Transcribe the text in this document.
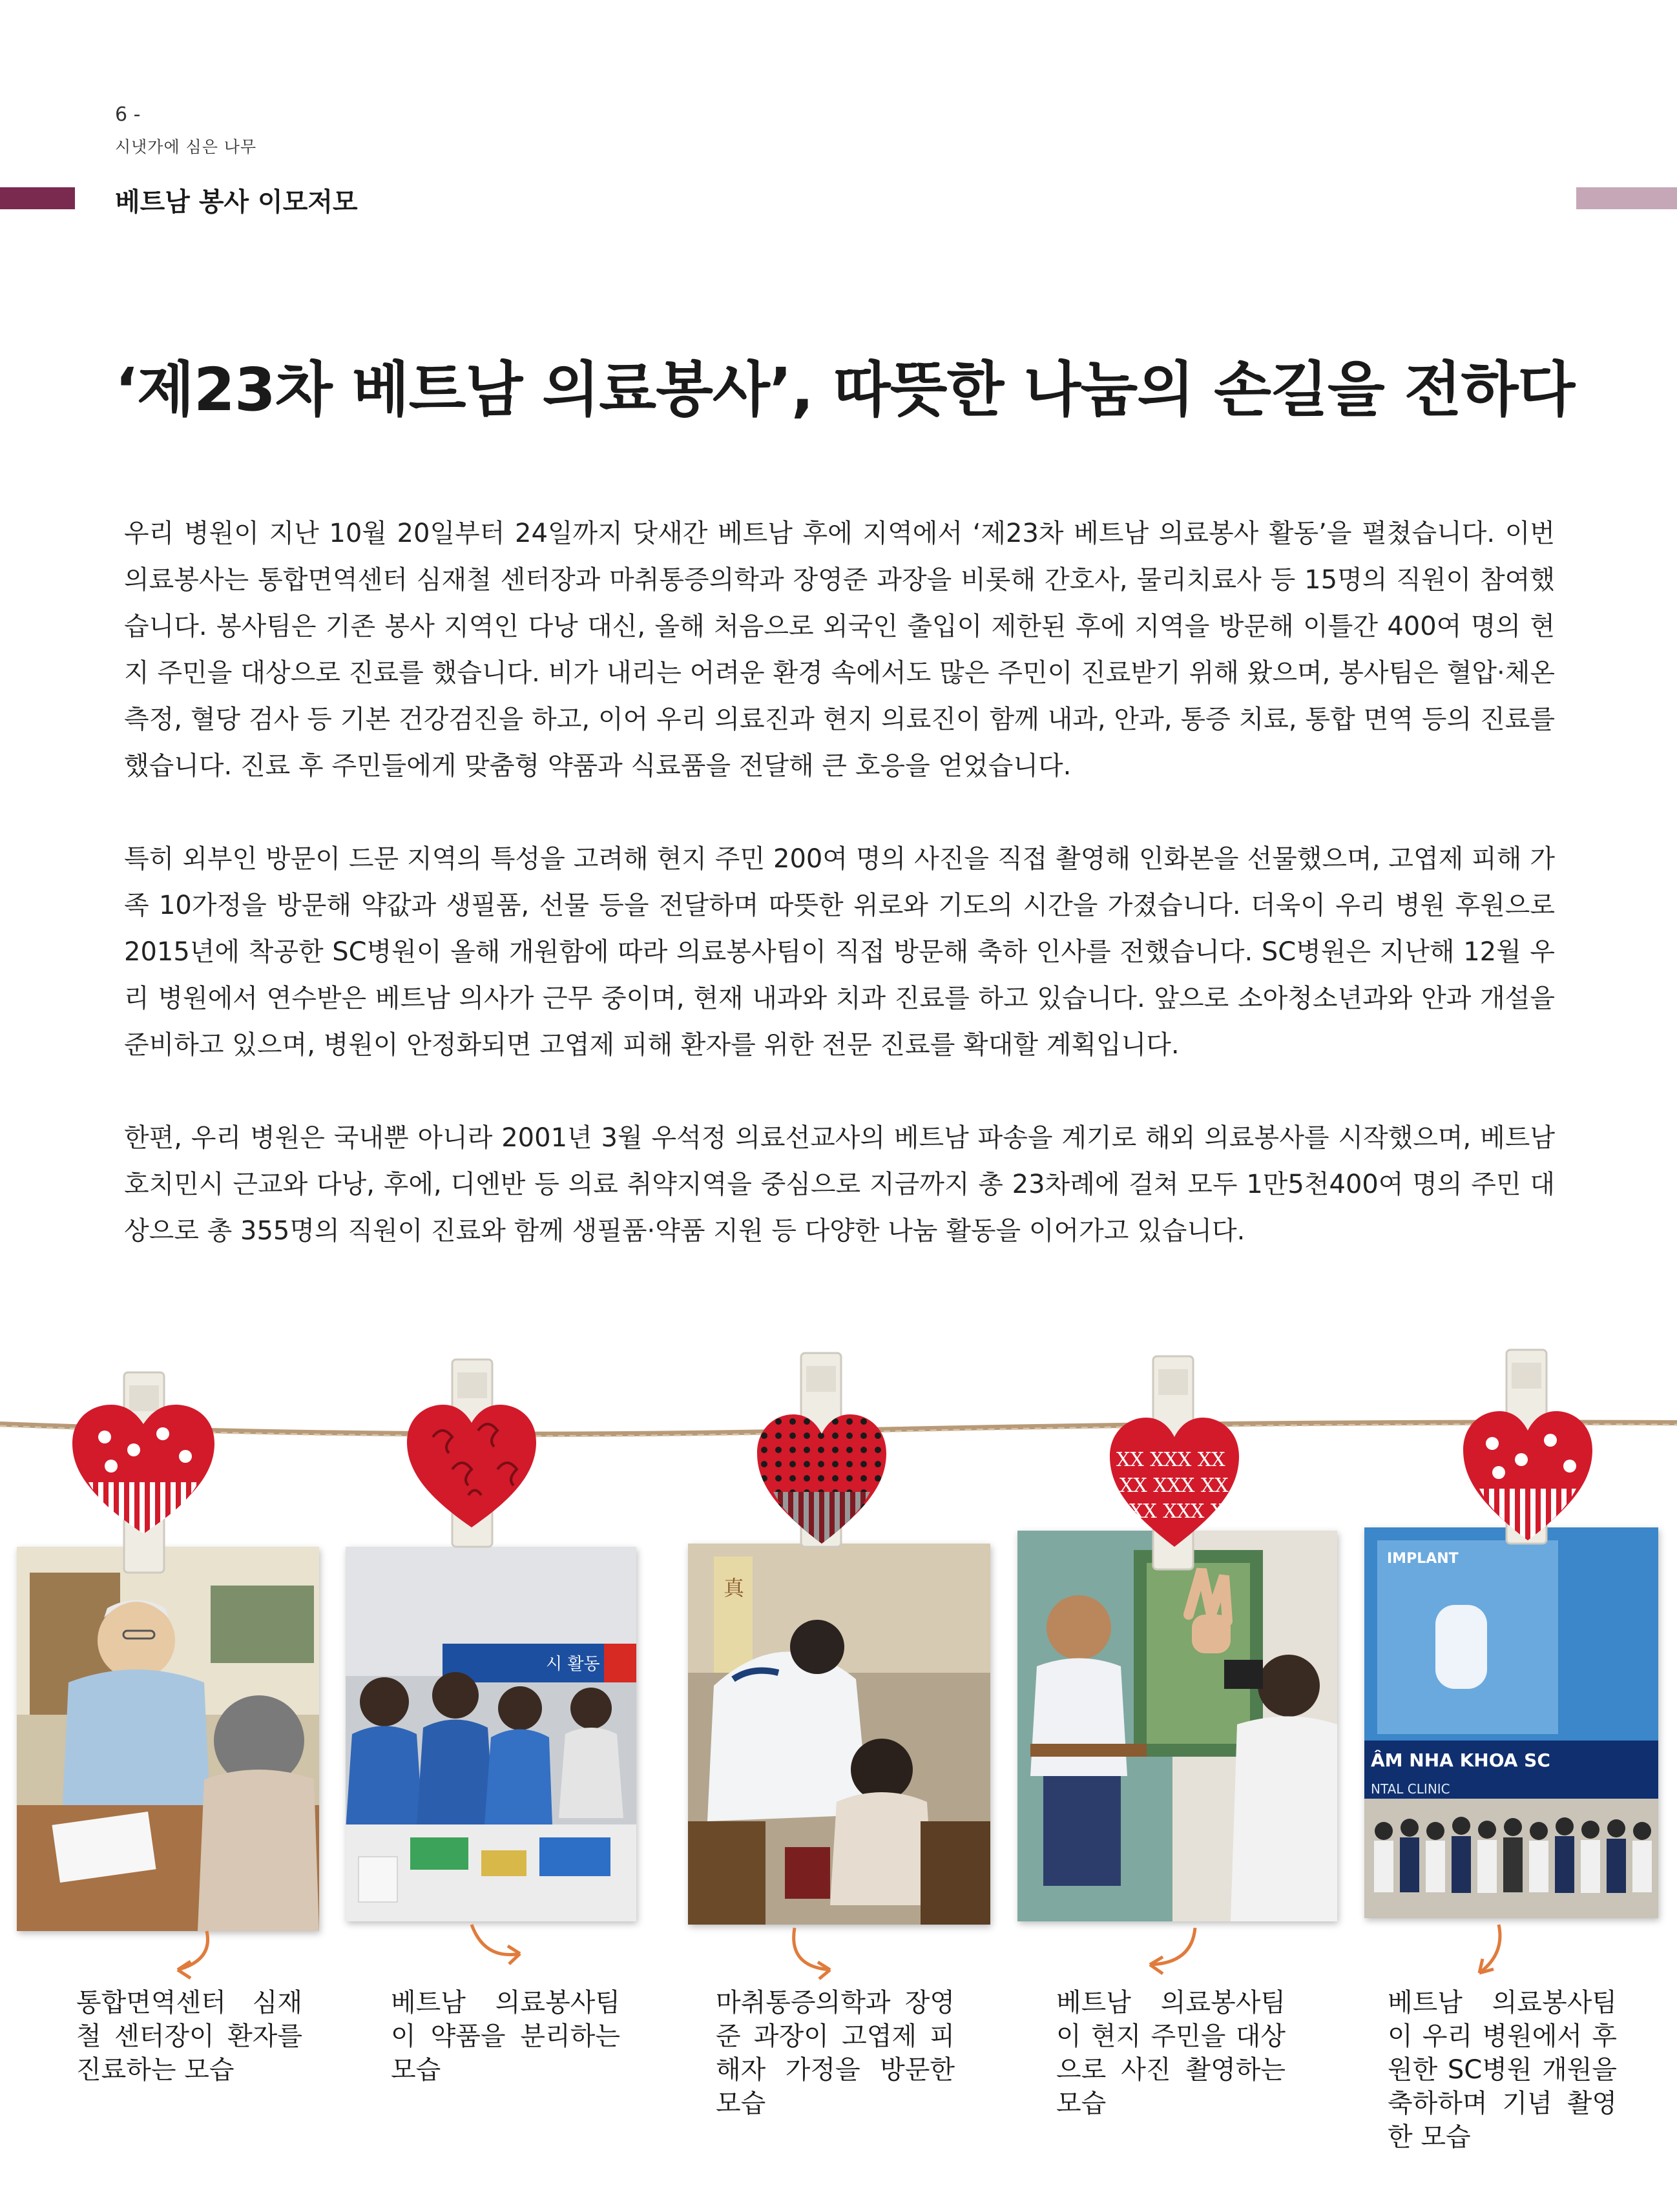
6 -
시냇가에 심은 나무
베트남 봉사 이모저모
‘제23차 베트남 의료봉사’, 따뜻한 나눔의 손길을 전하다

우리 병원이 지난 10월 20일부터 24일까지 닷새간 베트남 후에 지역에서 ‘제23차 베트남 의료봉사 활동’을 펼쳤습니다. 이번 의료봉사는 통합면역센터 심재철 센터장과 마취통증의학과 장영준 과장을 비롯해 간호사, 물리치료사 등 15명의 직원이 참여했습니다. 봉사팀은 기존 봉사 지역인 다낭 대신, 올해 처음으로 외국인 출입이 제한된 후에 지역을 방문해 이틀간 400여 명의 현지 주민을 대상으로 진료를 했습니다. 비가 내리는 어려운 환경 속에서도 많은 주민이 진료받기 위해 왔으며, 봉사팀은 혈압·체온 측정, 혈당 검사 등 기본 건강검진을 하고, 이어 우리 의료진과 현지 의료진이 함께 내과, 안과, 통증 치료, 통합 면역 등의 진료를 했습니다. 진료 후 주민들에게 맞춤형 약품과 식료품을 전달해 큰 호응을 얻었습니다.

특히 외부인 방문이 드문 지역의 특성을 고려해 현지 주민 200여 명의 사진을 직접 촬영해 인화본을 선물했으며, 고엽제 피해 가족 10가정을 방문해 약값과 생필품, 선물 등을 전달하며 따뜻한 위로와 기도의 시간을 가졌습니다. 더욱이 우리 병원 후원으로 2015년에 착공한 SC병원이 올해 개원함에 따라 의료봉사팀이 직접 방문해 축하 인사를 전했습니다. SC병원은 지난해 12월 우리 병원에서 연수받은 베트남 의사가 근무 중이며, 현재 내과와 치과 진료를 하고 있습니다. 앞으로 소아청소년과와 안과 개설을 준비하고 있으며, 병원이 안정화되면 고엽제 피해 환자를 위한 전문 진료를 확대할 계획입니다.

한편, 우리 병원은 국내뿐 아니라 2001년 3월 우석정 의료선교사의 베트남 파송을 계기로 해외 의료봉사를 시작했으며, 베트남 호치민시 근교와 다낭, 후에, 디엔반 등 의료 취약지역을 중심으로 지금까지 총 23차례에 걸쳐 모두 1만5천400여 명의 주민 대상으로 총 355명의 직원이 진료와 함께 생필품·약품 지원 등 다양한 나눔 활동을 이어가고 있습니다.

시 활동
真
IMPLANT
ÂM NHA KHOA SC
NTAL CLINIC
XX XXX XX
XX XXX XX
XX XXX XX
통합면역센터 심재철 센터장이 환자를 진료하는 모습
베트남 의료봉사팀이 약품을 분리하는 모습
마취통증의학과 장영준 과장이 고엽제 피해자 가정을 방문한 모습
베트남 의료봉사팀이 현지 주민을 대상으로 사진 촬영하는 모습
베트남 의료봉사팀이 우리 병원에서 후원한 SC병원 개원을 축하하며 기념 촬영한 모습
